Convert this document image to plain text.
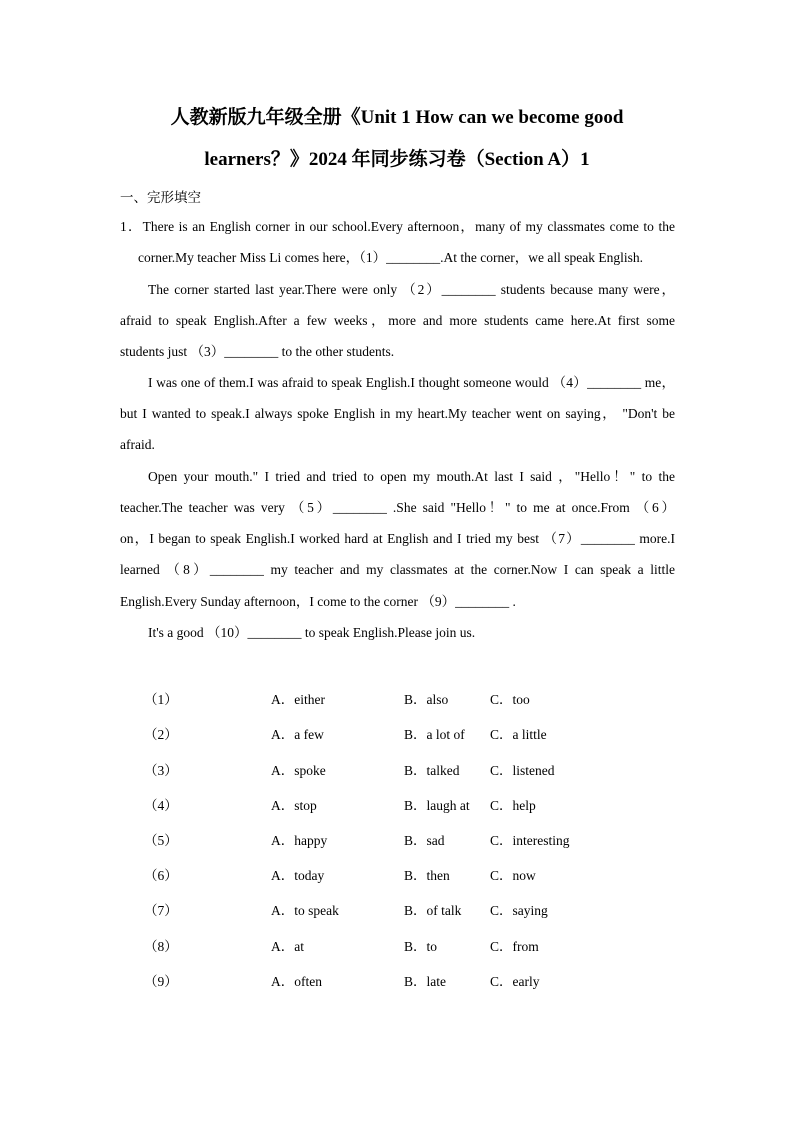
人教新版九年级全册《Unit 1 How can we become good
learners？》2024 年同步练习卷（Section A）1
一、完形填空
1．There is an English corner in our school.Every afternoon，many of my classmates come to the
corner.My teacher Miss Li comes here，（1）________.At the corner，we all speak English.
The corner started last year.There were only （2）________ students because many were，
afraid to speak English.After a few weeks，more and more students came here.At first some
students just （3）________ to the other students.
I was one of them.I was afraid to speak English.I thought someone would （4）________ me，
but I wanted to speak.I always spoke English in my heart.My teacher went on saying， "Don't be
afraid.
Open your mouth." I tried and tried to open my mouth.At last I said ，"Hello！" to the
teacher.The teacher was very （5）________ .She said "Hello！" to me at once.From （6）
on，I began to speak English.I worked hard at English and I tried my best （7）________ more.I
learned （8）________ my teacher and my classmates at the corner.Now I can speak a little
English.Every Sunday afternoon，I come to the corner （9）________ .
It's a good （10）________ to speak English.Please join us.
（1）	A．either	B．also	C．too
（2）	A．a few	B．a lot of C．a little
（3）	A．spoke	B．talked C．listened
（4）	A．stop	B．laugh at C．help
（5）	A．happy	B．sad	C．interesting
（6）	A．today	B．then	C．now
（7）	A．to speak	B．of talk C．saying
（8）	A．at	B．to	C．from
（9）	A．often	B．late	C．early
